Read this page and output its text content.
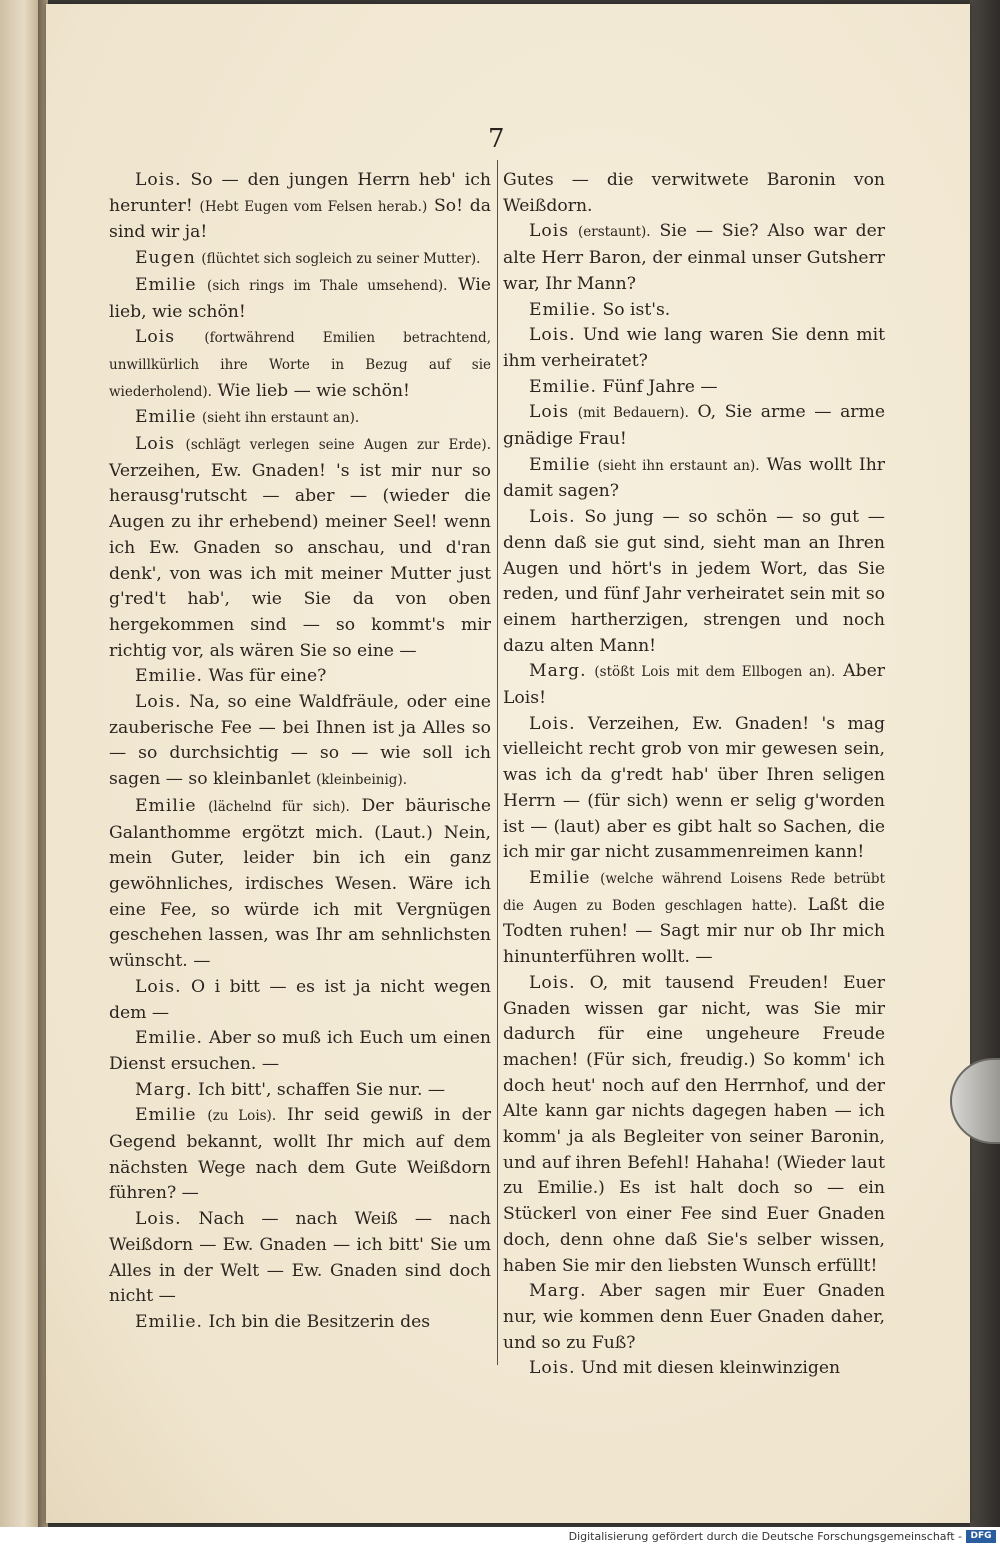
7

Lois. So — den jungen Herrn heb' ich herunter! (Hebt Eugen vom Felsen herab.) So! da sind wir ja!

Eugen (flüchtet sich sogleich zu seiner Mutter).

Emilie (sich rings im Thale umsehend). Wie lieb, wie schön!

Lois (fortwährend Emilien betrachtend, unwillkürlich ihre Worte in Bezug auf sie wiederholend). Wie lieb — wie schön!

Emilie (sieht ihn erstaunt an).

Lois (schlägt verlegen seine Augen zur Erde). Verzeihen, Ew. Gnaden! 's ist mir nur so herausg'rutscht — aber — (wieder die Augen zu ihr erhebend) meiner Seel! wenn ich Ew. Gnaden so anschau, und d'ran denk', von was ich mit meiner Mutter just g'red't hab', wie Sie da von oben hergekommen sind — so kommt's mir richtig vor, als wären Sie so eine —

Emilie. Was für eine?

Lois. Na, so eine Waldfräule, oder eine zauberische Fee — bei Ihnen ist ja Alles so — so durchsichtig — so — wie soll ich sagen — so kleinbanlet (kleinbeinig).

Emilie (lächelnd für sich). Der bäurische Galanthomme ergötzt mich. (Laut.) Nein, mein Guter, leider bin ich ein ganz gewöhnliches, irdisches Wesen. Wäre ich eine Fee, so würde ich mit Vergnügen geschehen lassen, was Ihr am sehnlichsten wünscht. —

Lois. O i bitt — es ist ja nicht wegen dem —

Emilie. Aber so muß ich Euch um einen Dienst ersuchen. —

Marg. Ich bitt', schaffen Sie nur. —

Emilie (zu Lois). Ihr seid gewiß in der Gegend bekannt, wollt Ihr mich auf dem nächsten Wege nach dem Gute Weißdorn führen? —

Lois. Nach — nach Weiß — nach Weißdorn — Ew. Gnaden — ich bitt' Sie um Alles in der Welt — Ew. Gnaden sind doch nicht —

Emilie. Ich bin die Besitzerin des

Gutes — die verwitwete Baronin von Weißdorn.

Lois (erstaunt). Sie — Sie? Also war der alte Herr Baron, der einmal unser Gutsherr war, Ihr Mann?

Emilie. So ist's.

Lois. Und wie lang waren Sie denn mit ihm verheiratet?

Emilie. Fünf Jahre —

Lois (mit Bedauern). O, Sie arme — arme gnädige Frau!

Emilie (sieht ihn erstaunt an). Was wollt Ihr damit sagen?

Lois. So jung — so schön — so gut — denn daß sie gut sind, sieht man an Ihren Augen und hört's in jedem Wort, das Sie reden, und fünf Jahr verheiratet sein mit so einem hartherzigen, strengen und noch dazu alten Mann!

Marg. (stößt Lois mit dem Ellbogen an). Aber Lois!

Lois. Verzeihen, Ew. Gnaden! 's mag vielleicht recht grob von mir gewesen sein, was ich da g'redt hab' über Ihren seligen Herrn — (für sich) wenn er selig g'worden ist — (laut) aber es gibt halt so Sachen, die ich mir gar nicht zusammenreimen kann!

Emilie (welche während Loisens Rede betrübt die Augen zu Boden geschlagen hatte). Laßt die Todten ruhen! — Sagt mir nur ob Ihr mich hinunterführen wollt. —

Lois. O, mit tausend Freuden! Euer Gnaden wissen gar nicht, was Sie mir dadurch für eine ungeheure Freude machen! (Für sich, freudig.) So komm' ich doch heut' noch auf den Herrnhof, und der Alte kann gar nichts dagegen haben — ich komm' ja als Begleiter von seiner Baronin, und auf ihren Befehl! Hahaha! (Wieder laut zu Emilie.) Es ist halt doch so — ein Stückerl von einer Fee sind Euer Gnaden doch, denn ohne daß Sie's selber wissen, haben Sie mir den liebsten Wunsch erfüllt!

Marg. Aber sagen mir Euer Gnaden nur, wie kommen denn Euer Gnaden daher, und so zu Fuß?

Lois. Und mit diesen kleinwinzigen

Digitalisierung gefördert durch die Deutsche Forschungsgemeinschaft - DFG
